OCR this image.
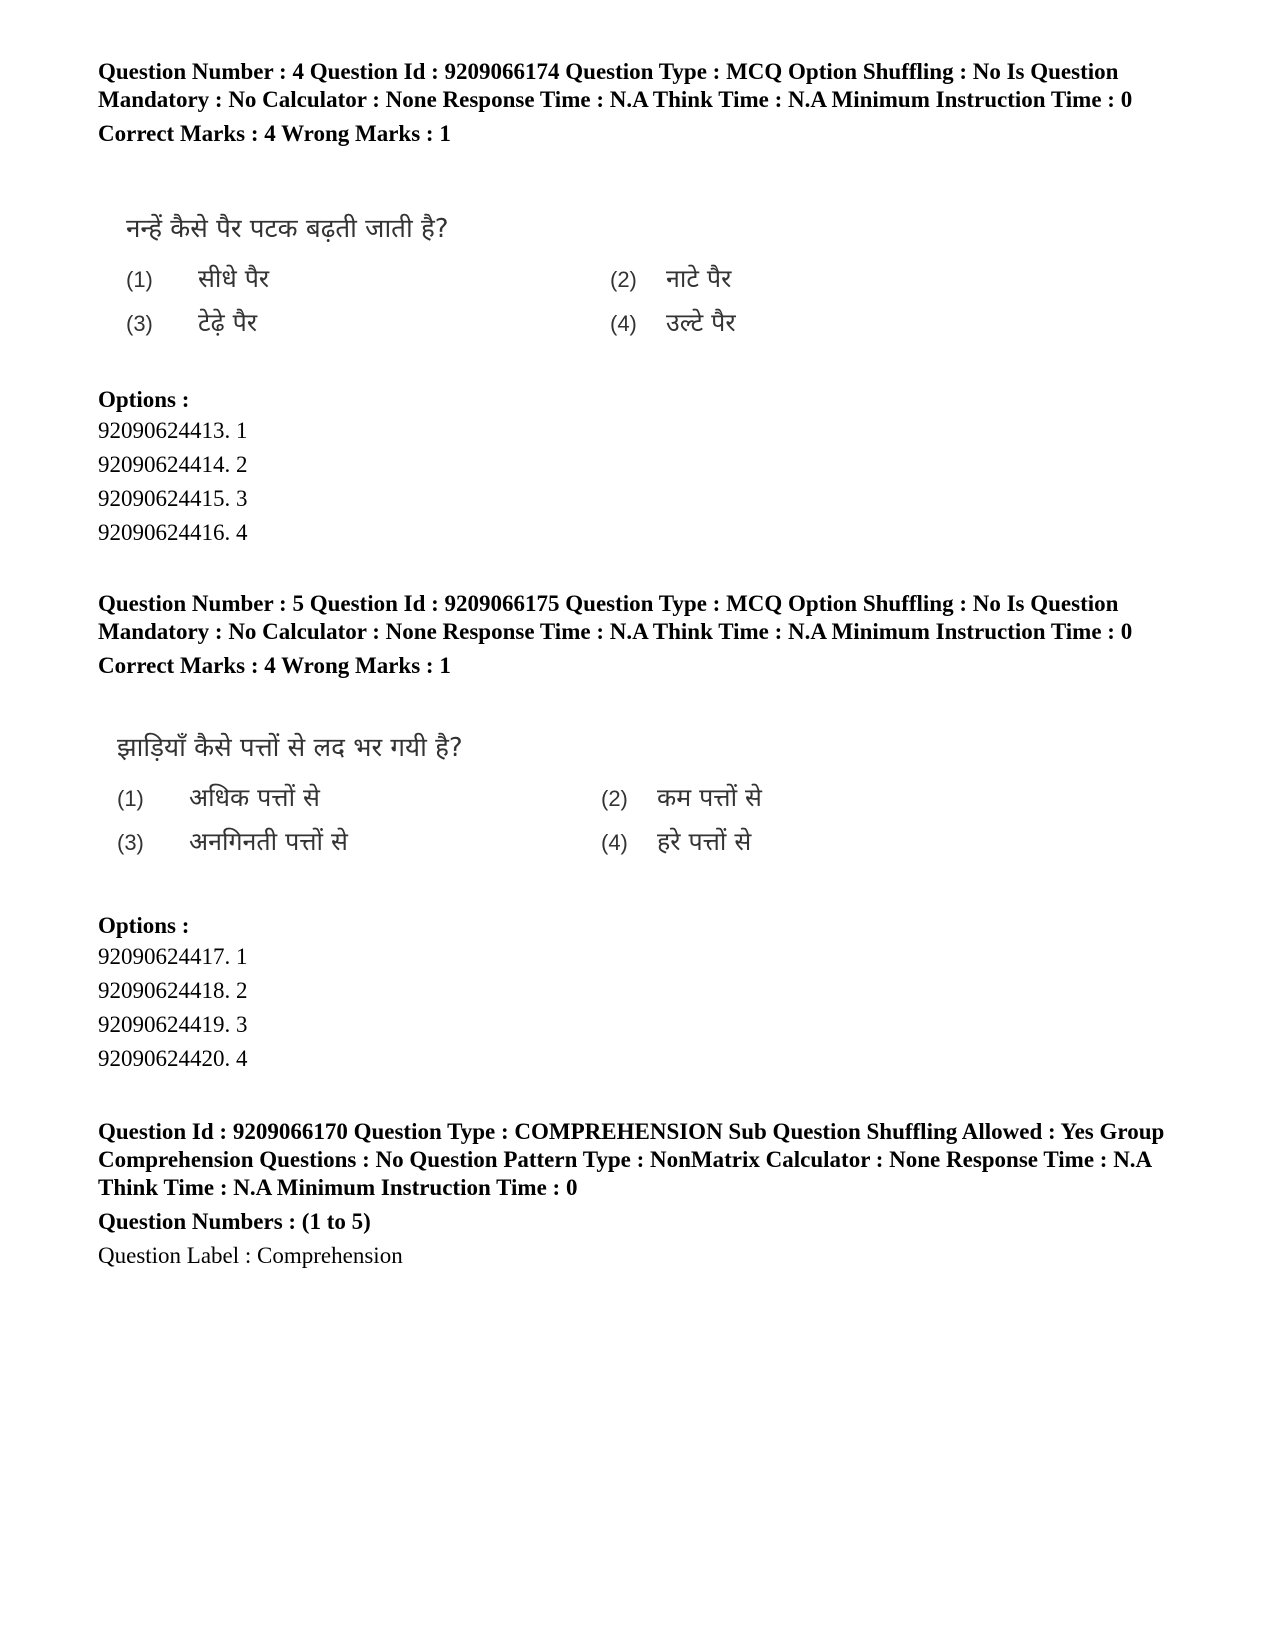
Question Number : 4 Question Id : 9209066174 Question Type : MCQ Option Shuffling : No Is Question Mandatory : No Calculator : None Response Time : N.A Think Time : N.A Minimum Instruction Time : 0
Correct Marks : 4 Wrong Marks : 1
नन्हें कैसे पैर पटक बढ़ती जाती है?
(1) सीधे पैर	(2) नाटे पैर
(3) टेढ़े पैर	(4) उल्टे पैर
Options :
92090624413. 1
92090624414. 2
92090624415. 3
92090624416. 4
Question Number : 5 Question Id : 9209066175 Question Type : MCQ Option Shuffling : No Is Question Mandatory : No Calculator : None Response Time : N.A Think Time : N.A Minimum Instruction Time : 0
Correct Marks : 4 Wrong Marks : 1
झाड़ियाँ कैसे पत्तों से लद भर गयी है?
(1) अधिक पत्तों से	(2) कम पत्तों से
(3) अनगिनती पत्तों से	(4) हरे पत्तों से
Options :
92090624417. 1
92090624418. 2
92090624419. 3
92090624420. 4
Question Id : 9209066170 Question Type : COMPREHENSION Sub Question Shuffling Allowed : Yes Group Comprehension Questions : No Question Pattern Type : NonMatrix Calculator : None Response Time : N.A Think Time : N.A Minimum Instruction Time : 0
Question Numbers : (1 to 5)
Question Label : Comprehension
